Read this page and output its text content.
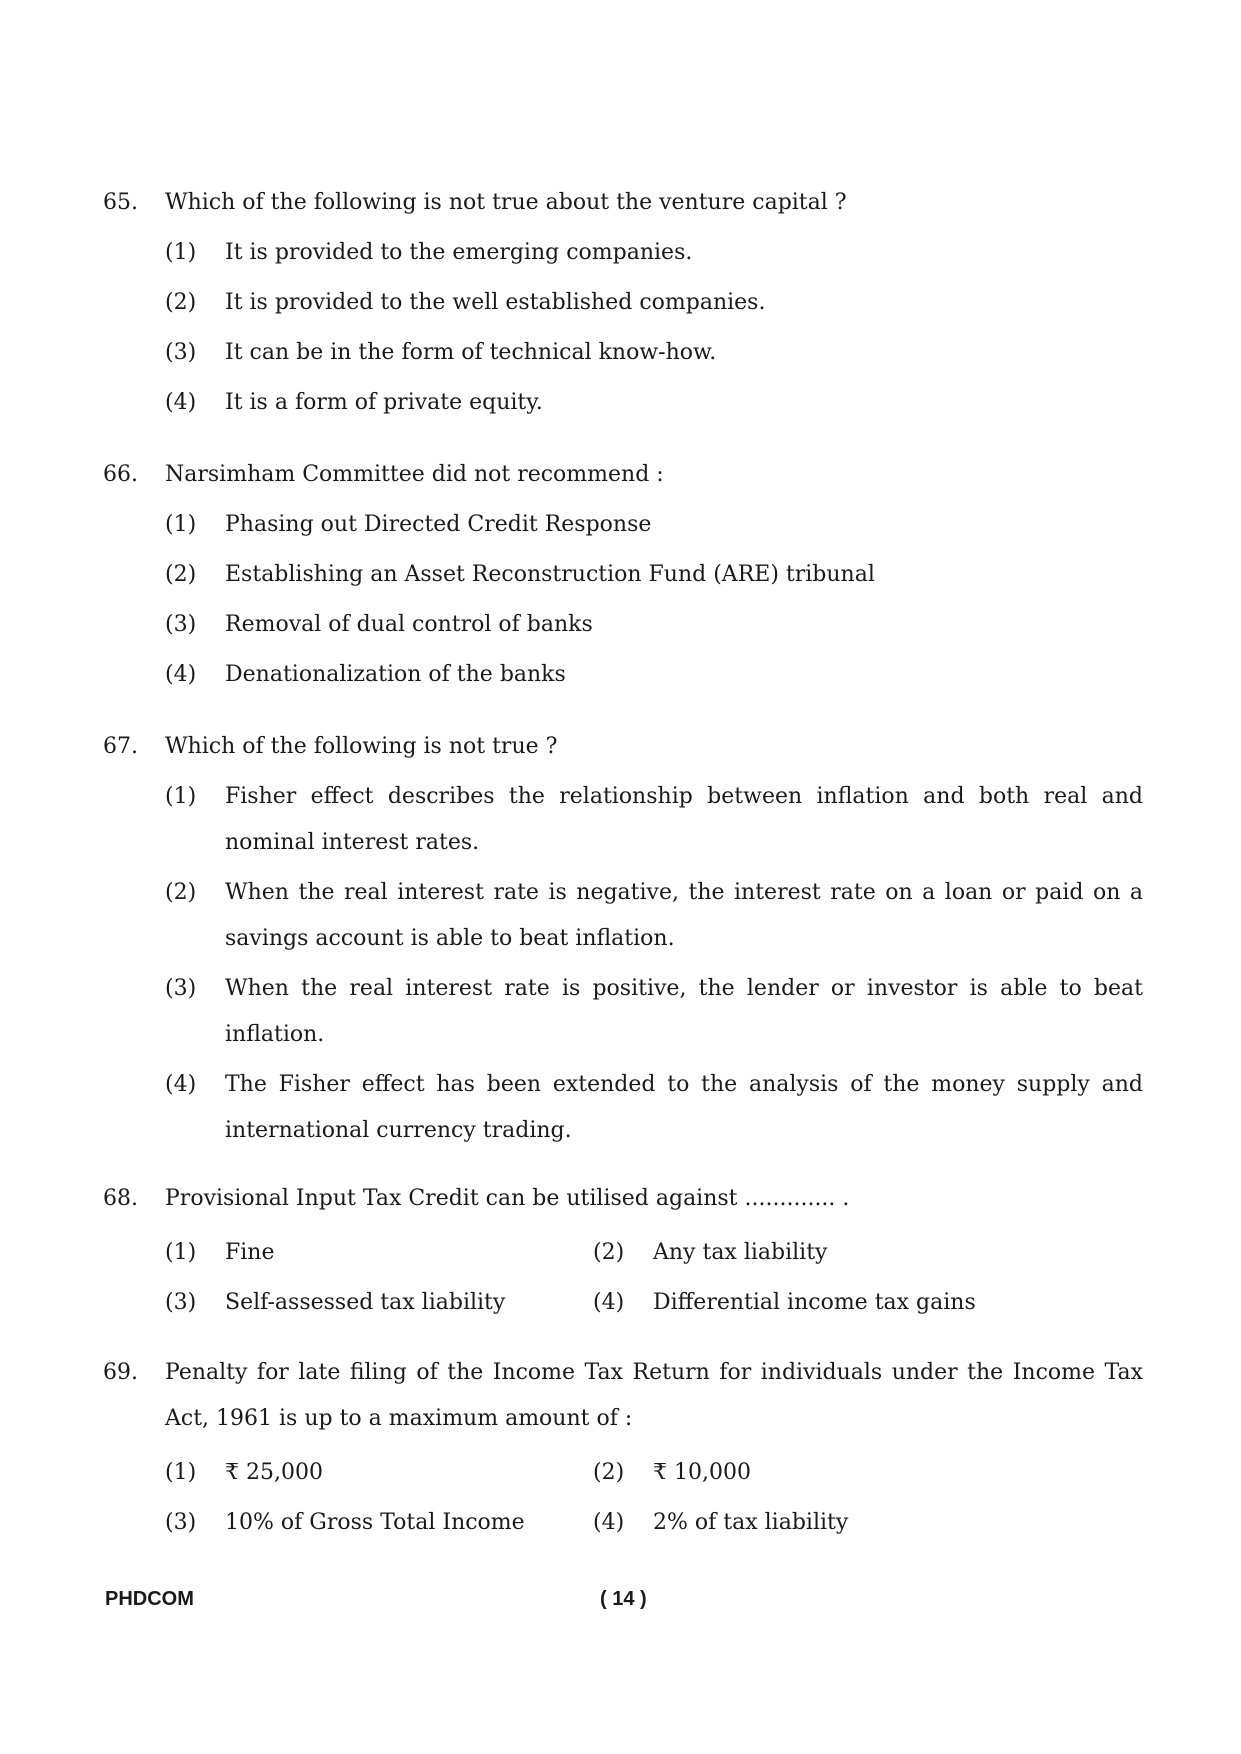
65. Which of the following is not true about the venture capital ?
(1) It is provided to the emerging companies.
(2) It is provided to the well established companies.
(3) It can be in the form of technical know-how.
(4) It is a form of private equity.
66. Narsimham Committee did not recommend :
(1) Phasing out Directed Credit Response
(2) Establishing an Asset Reconstruction Fund (ARE) tribunal
(3) Removal of dual control of banks
(4) Denationalization of the banks
67. Which of the following is not true ?
(1) Fisher effect describes the relationship between inflation and both real and nominal interest rates.
(2) When the real interest rate is negative, the interest rate on a loan or paid on a savings account is able to beat inflation.
(3) When the real interest rate is positive, the lender or investor is able to beat inflation.
(4) The Fisher effect has been extended to the analysis of the money supply and international currency trading.
68. Provisional Input Tax Credit can be utilised against ............. .
(1) Fine	(2) Any tax liability
(3) Self-assessed tax liability	(4) Differential income tax gains
69. Penalty for late filing of the Income Tax Return for individuals under the Income Tax Act, 1961 is up to a maximum amount of :
(1) ₹ 25,000	(2) ₹ 10,000
(3) 10% of Gross Total Income	(4) 2% of tax liability
PHDCOM	( 14 )
